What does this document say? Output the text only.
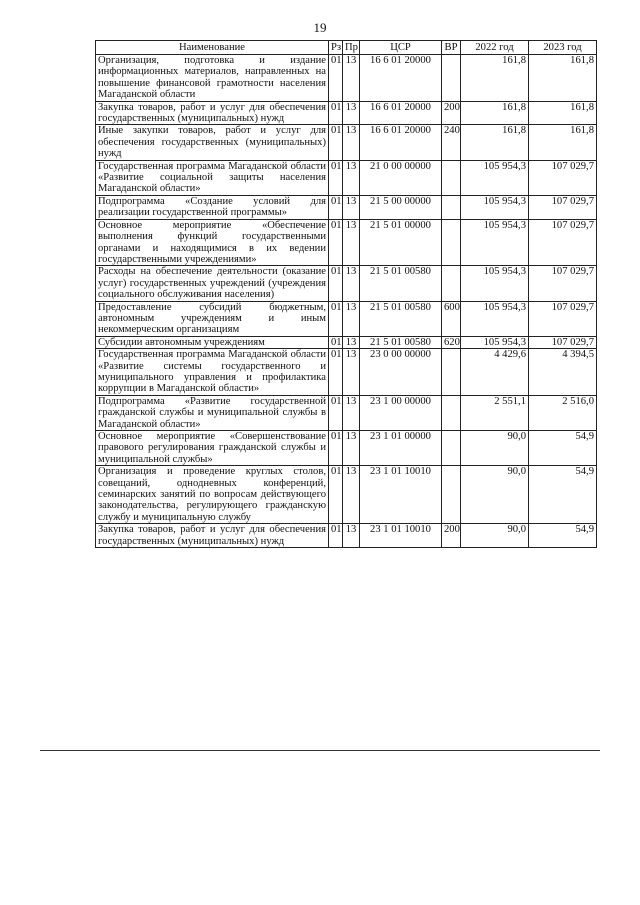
19
Наименование	Рз	Пр	ЦСР	ВР	2022 год	2023 год
Организация, подготовка и издание информационных материалов, направленных на повышение финансовой грамотности населения Магаданской области	01	13	16 6 01 20000		161,8	161,8
Закупка товаров, работ и услуг для обеспечения государственных (муниципальных) нужд	01	13	16 6 01 20000	200	161,8	161,8
Иные закупки товаров, работ и услуг для обеспечения государственных (муниципальных) нужд	01	13	16 6 01 20000	240	161,8	161,8
Государственная программа Магаданской области «Развитие социальной защиты населения Магаданской области»	01	13	21 0 00 00000		105 954,3	107 029,7
Подпрограмма «Создание условий для реализации государственной программы»	01	13	21 5 00 00000		105 954,3	107 029,7
Основное мероприятие «Обеспечение выполнения функций государственными органами и находящимися в их ведении государственными учреждениями»	01	13	21 5 01 00000		105 954,3	107 029,7
Расходы на обеспечение деятельности (оказание услуг) государственных учреждений (учреждения социального обслуживания населения)	01	13	21 5 01 00580		105 954,3	107 029,7
Предоставление субсидий бюджетным, автономным учреждениям и иным некоммерческим организациям	01	13	21 5 01 00580	600	105 954,3	107 029,7
Субсидии автономным учреждениям	01	13	21 5 01 00580	620	105 954,3	107 029,7
Государственная программа Магаданской области «Развитие системы государственного и муниципального управления и профилактика коррупции в Магаданской области»	01	13	23 0 00 00000		4 429,6	4 394,5
Подпрограмма «Развитие государственной гражданской службы и муниципальной службы в Магаданской области»	01	13	23 1 00 00000		2 551,1	2 516,0
Основное мероприятие «Совершенствование правового регулирования гражданской службы и муниципальной службы»	01	13	23 1 01 00000		90,0	54,9
Организация и проведение круглых столов, совещаний, однодневных конференций, семинарских занятий по вопросам действующего законодательства, регулирующего гражданскую службу и муниципальную службу	01	13	23 1 01 10010		90,0	54,9
Закупка товаров, работ и услуг для обеспечения государственных (муниципальных) нужд	01	13	23 1 01 10010	200	90,0	54,9
